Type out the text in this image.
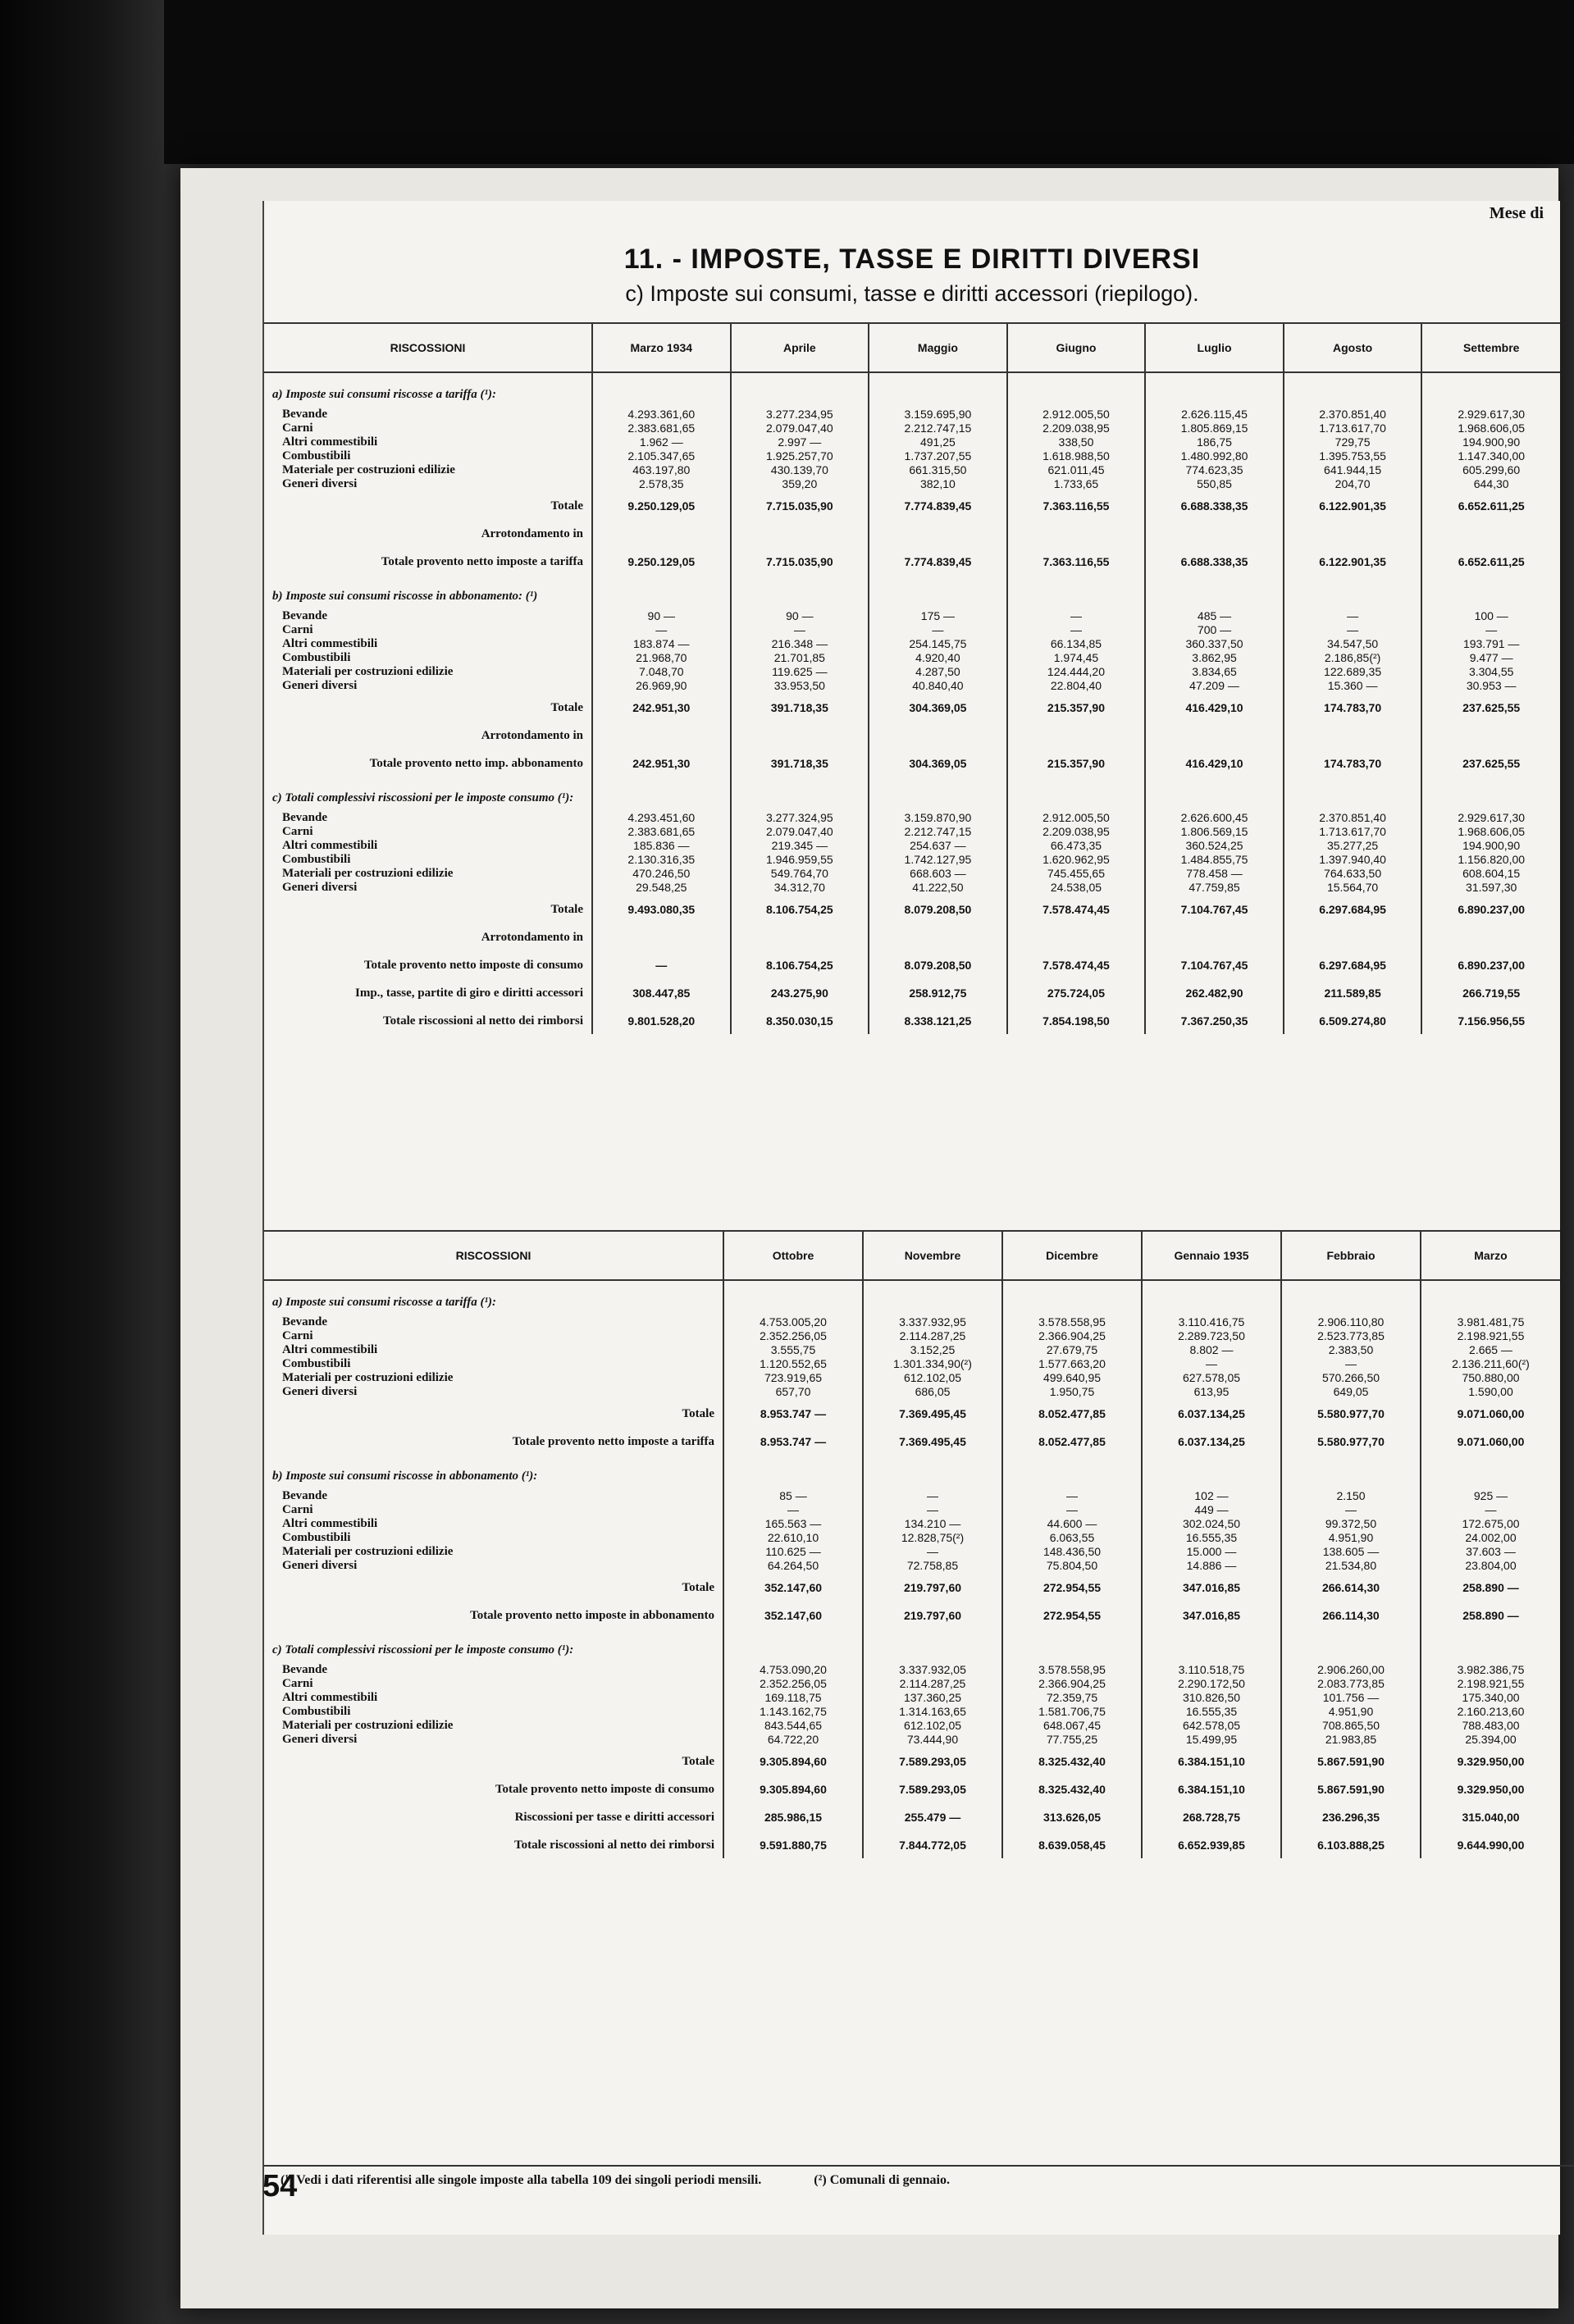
Mese di
11. - IMPOSTE, TASSE E DIRITTI DIVERSI
c) Imposte sui consumi, tasse e diritti accessori (riepilogo).
RISCOSSIONI	Marzo 1934	Aprile	Maggio	Giugno	Luglio	Agosto	Settembre
a) Imposte sui consumi riscosse a tariffa (¹):							
Bevande	4.293.361,60	3.277.234,95	3.159.695,90	2.912.005,50	2.626.115,45	2.370.851,40	2.929.617,30
Carni	2.383.681,65	2.079.047,40	2.212.747,15	2.209.038,95	1.805.869,15	1.713.617,70	1.968.606,05
Altri commestibili	1.962 —	2.997 —	491,25	338,50	186,75	729,75	194.900,90
Combustibili	2.105.347,65	1.925.257,70	1.737.207,55	1.618.988,50	1.480.992,80	1.395.753,55	1.147.340,00
Materiale per costruzioni edilizie	463.197,80	430.139,70	661.315,50	621.011,45	774.623,35	641.944,15	605.299,60
Generi diversi	2.578,35	359,20	382,10	1.733,65	550,85	204,70	644,30
Totale	9.250.129,05	7.715.035,90	7.774.839,45	7.363.116,55	6.688.338,35	6.122.901,35	6.652.611,25
Arrotondamento in							
Totale provento netto imposte a tariffa	9.250.129,05	7.715.035,90	7.774.839,45	7.363.116,55	6.688.338,35	6.122.901,35	6.652.611,25
b) Imposte sui consumi riscosse in abbonamento: (¹)							
Bevande	90 —	90 —	175 —	—	485 —	—	100 —
Carni	—	—	—	—	700 —	—	—
Altri commestibili	183.874 —	216.348 —	254.145,75	66.134,85	360.337,50	34.547,50	193.791 —
Combustibili	21.968,70	21.701,85	4.920,40	1.974,45	3.862,95	2.186,85(²)	9.477 —
Materiali per costruzioni edilizie	7.048,70	119.625 —	4.287,50	124.444,20	3.834,65	122.689,35	3.304,55
Generi diversi	26.969,90	33.953,50	40.840,40	22.804,40	47.209 —	15.360 —	30.953 —
Totale	242.951,30	391.718,35	304.369,05	215.357,90	416.429,10	174.783,70	237.625,55
Arrotondamento in							
Totale provento netto imp. abbonamento	242.951,30	391.718,35	304.369,05	215.357,90	416.429,10	174.783,70	237.625,55
c) Totali complessivi riscossioni per le imposte consumo (¹):							
Bevande	4.293.451,60	3.277.324,95	3.159.870,90	2.912.005,50	2.626.600,45	2.370.851,40	2.929.617,30
Carni	2.383.681,65	2.079.047,40	2.212.747,15	2.209.038,95	1.806.569,15	1.713.617,70	1.968.606,05
Altri commestibili	185.836 —	219.345 —	254.637 —	66.473,35	360.524,25	35.277,25	194.900,90
Combustibili	2.130.316,35	1.946.959,55	1.742.127,95	1.620.962,95	1.484.855,75	1.397.940,40	1.156.820,00
Materiali per costruzioni edilizie	470.246,50	549.764,70	668.603 —	745.455,65	778.458 —	764.633,50	608.604,15
Generi diversi	29.548,25	34.312,70	41.222,50	24.538,05	47.759,85	15.564,70	31.597,30
Totale	9.493.080,35	8.106.754,25	8.079.208,50	7.578.474,45	7.104.767,45	6.297.684,95	6.890.237,00
Arrotondamento in							
Totale provento netto imposte di consumo	—	8.106.754,25	8.079.208,50	7.578.474,45	7.104.767,45	6.297.684,95	6.890.237,00
Imp., tasse, partite di giro e diritti accessori	308.447,85	243.275,90	258.912,75	275.724,05	262.482,90	211.589,85	266.719,55
Totale riscossioni al netto dei rimborsi	9.801.528,20	8.350.030,15	8.338.121,25	7.854.198,50	7.367.250,35	6.509.274,80	7.156.956,55
RISCOSSIONI	Ottobre	Novembre	Dicembre	Gennaio 1935	Febbraio	Marzo
a) Imposte sui consumi riscosse a tariffa (¹):						
Bevande	4.753.005,20	3.337.932,95	3.578.558,95	3.110.416,75	2.906.110,80	3.981.481,75
Carni	2.352.256,05	2.114.287,25	2.366.904,25	2.289.723,50	2.523.773,85	2.198.921,55
Altri commestibili	3.555,75	3.152,25	27.679,75	8.802 —	2.383,50	2.665 —
Combustibili	1.120.552,65	1.301.334,90(²)	1.577.663,20	—	—	2.136.211,60(²)
Materiali per costruzioni edilizie	723.919,65	612.102,05	499.640,95	627.578,05	570.266,50	750.880,00
Generi diversi	657,70	686,05	1.950,75	613,95	649,05	1.590,00
Totale	8.953.747 —	7.369.495,45	8.052.477,85	6.037.134,25	5.580.977,70	9.071.060,00
Totale provento netto imposte a tariffa	8.953.747 —	7.369.495,45	8.052.477,85	6.037.134,25	5.580.977,70	9.071.060,00
b) Imposte sui consumi riscosse in abbonamento (¹):						
Bevande	85 —	—	—	102 —	2.150	925 —
Carni	—	—	—	449 —	—	—
Altri commestibili	165.563 —	134.210 —	44.600 —	302.024,50	99.372,50	172.675,00
Combustibili	22.610,10	12.828,75(²)	6.063,55	16.555,35	4.951,90	24.002,00
Materiali per costruzioni edilizie	110.625 —	—	148.436,50	15.000 —	138.605 —	37.603 —
Generi diversi	64.264,50	72.758,85	75.804,50	14.886 —	21.534,80	23.804,00
Totale	352.147,60	219.797,60	272.954,55	347.016,85	266.614,30	258.890 —
Totale provento netto imposte in abbonamento	352.147,60	219.797,60	272.954,55	347.016,85	266.114,30	258.890 —
c) Totali complessivi riscossioni per le imposte consumo (¹):						
Bevande	4.753.090,20	3.337.932,05	3.578.558,95	3.110.518,75	2.906.260,00	3.982.386,75
Carni	2.352.256,05	2.114.287,25	2.366.904,25	2.290.172,50	2.083.773,85	2.198.921,55
Altri commestibili	169.118,75	137.360,25	72.359,75	310.826,50	101.756 —	175.340,00
Combustibili	1.143.162,75	1.314.163,65	1.581.706,75	16.555,35	4.951,90	2.160.213,60
Materiali per costruzioni edilizie	843.544,65	612.102,05	648.067,45	642.578,05	708.865,50	788.483,00
Generi diversi	64.722,20	73.444,90	77.755,25	15.499,95	21.983,85	25.394,00
Totale	9.305.894,60	7.589.293,05	8.325.432,40	6.384.151,10	5.867.591,90	9.329.950,00
Totale provento netto imposte di consumo	9.305.894,60	7.589.293,05	8.325.432,40	6.384.151,10	5.867.591,90	9.329.950,00
Riscossioni per tasse e diritti accessori	285.986,15	255.479 —	313.626,05	268.728,75	236.296,35	315.040,00
Totale riscossioni al netto dei rimborsi	9.591.880,75	7.844.772,05	8.639.058,45	6.652.939,85	6.103.888,25	9.644.990,00
(¹) Vedi i dati riferentisi alle singole imposte alla tabella 109 dei singoli periodi mensili.	(²) Comunali di gennaio.
54
